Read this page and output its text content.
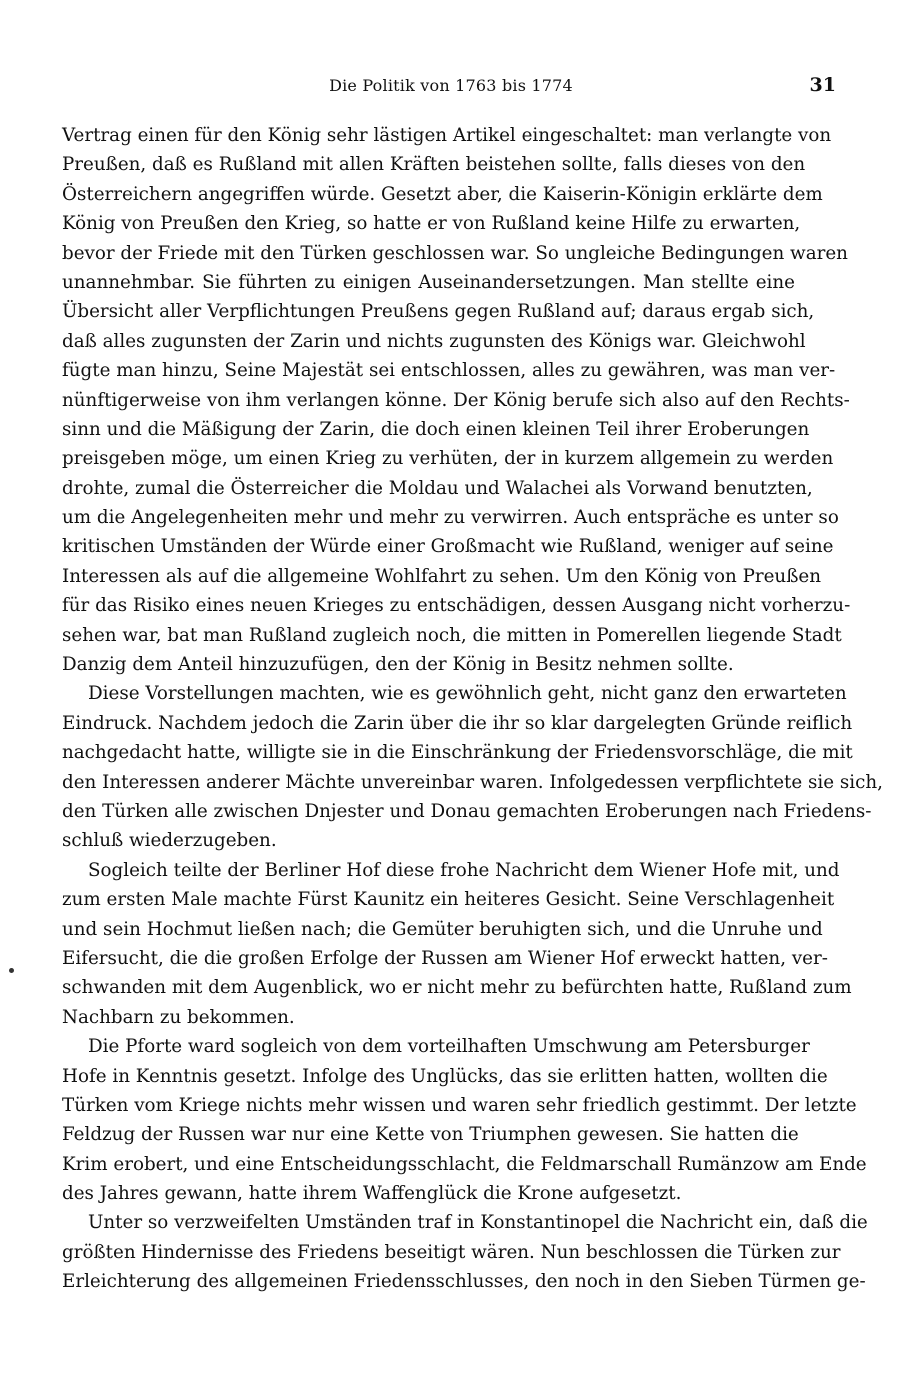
Die Politik von 1763 bis 1774	31
Vertrag einen für den König sehr lästigen Artikel eingeschaltet: man verlangte von
Preußen, daß es Rußland mit allen Kräften beistehen sollte, falls dieses von den
Österreichern angegriffen würde. Gesetzt aber, die Kaiserin-Königin erklärte dem
König von Preußen den Krieg, so hatte er von Rußland keine Hilfe zu erwarten,
bevor der Friede mit den Türken geschlossen war. So ungleiche Bedingungen waren
unannehmbar. Sie führten zu einigen Auseinandersetzungen. Man stellte eine
Übersicht aller Verpflichtungen Preußens gegen Rußland auf; daraus ergab sich,
daß alles zugunsten der Zarin und nichts zugunsten des Königs war. Gleichwohl
fügte man hinzu, Seine Majestät sei entschlossen, alles zu gewähren, was man ver-
nünftigerweise von ihm verlangen könne. Der König berufe sich also auf den Rechts-
sinn und die Mäßigung der Zarin, die doch einen kleinen Teil ihrer Eroberungen
preisgeben möge, um einen Krieg zu verhüten, der in kurzem allgemein zu werden
drohte, zumal die Österreicher die Moldau und Walachei als Vorwand benutzten,
um die Angelegenheiten mehr und mehr zu verwirren. Auch entspräche es unter so
kritischen Umständen der Würde einer Großmacht wie Rußland, weniger auf seine
Interessen als auf die allgemeine Wohlfahrt zu sehen. Um den König von Preußen
für das Risiko eines neuen Krieges zu entschädigen, dessen Ausgang nicht vorherzu-
sehen war, bat man Rußland zugleich noch, die mitten in Pomerellen liegende Stadt
Danzig dem Anteil hinzuzufügen, den der König in Besitz nehmen sollte.
Diese Vorstellungen machten, wie es gewöhnlich geht, nicht ganz den erwarteten
Eindruck. Nachdem jedoch die Zarin über die ihr so klar dargelegten Gründe reiflich
nachgedacht hatte, willigte sie in die Einschränkung der Friedensvorschläge, die mit
den Interessen anderer Mächte unvereinbar waren. Infolgedessen verpflichtete sie sich,
den Türken alle zwischen Dnjester und Donau gemachten Eroberungen nach Friedens-
schluß wiederzugeben.
Sogleich teilte der Berliner Hof diese frohe Nachricht dem Wiener Hofe mit, und
zum ersten Male machte Fürst Kaunitz ein heiteres Gesicht. Seine Verschlagenheit
und sein Hochmut ließen nach; die Gemüter beruhigten sich, und die Unruhe und
Eifersucht, die die großen Erfolge der Russen am Wiener Hof erweckt hatten, ver-
schwanden mit dem Augenblick, wo er nicht mehr zu befürchten hatte, Rußland zum
Nachbarn zu bekommen.
Die Pforte ward sogleich von dem vorteilhaften Umschwung am Petersburger
Hofe in Kenntnis gesetzt. Infolge des Unglücks, das sie erlitten hatten, wollten die
Türken vom Kriege nichts mehr wissen und waren sehr friedlich gestimmt. Der letzte
Feldzug der Russen war nur eine Kette von Triumphen gewesen. Sie hatten die
Krim erobert, und eine Entscheidungsschlacht, die Feldmarschall Rumänzow am Ende
des Jahres gewann, hatte ihrem Waffenglück die Krone aufgesetzt.
Unter so verzweifelten Umständen traf in Konstantinopel die Nachricht ein, daß die
größten Hindernisse des Friedens beseitigt wären. Nun beschlossen die Türken zur
Erleichterung des allgemeinen Friedensschlusses, den noch in den Sieben Türmen ge-
